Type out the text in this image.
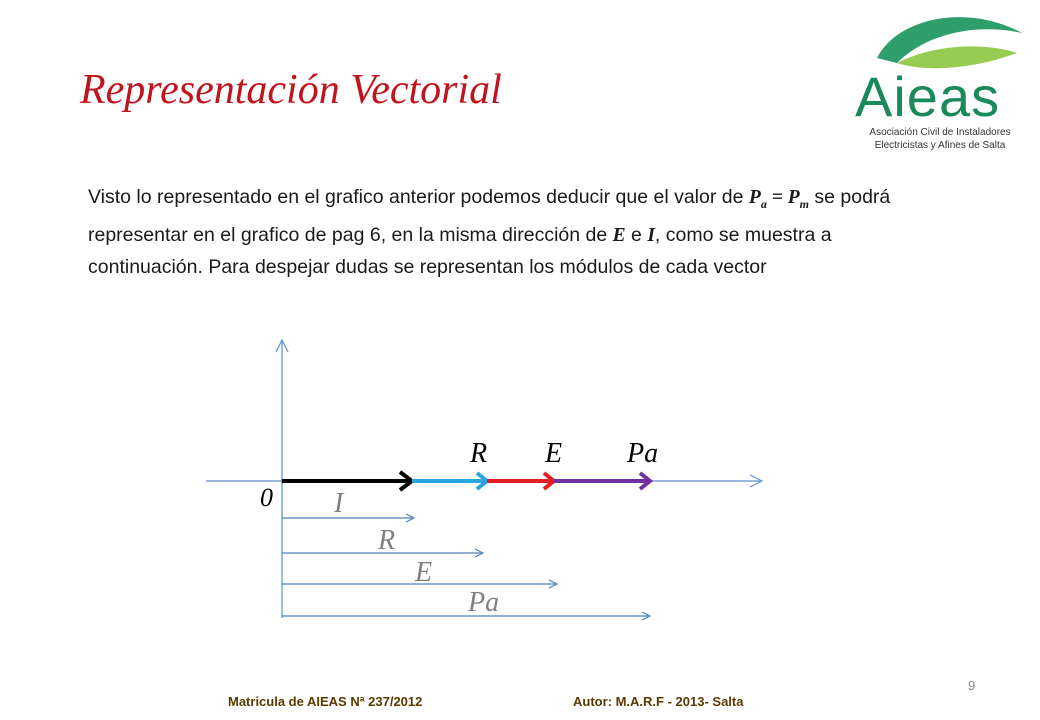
Representación Vectorial	Aieas
Asociación Civil de Instaladores
Electricistas y Afines de Salta

Visto lo representado en el grafico anterior podemos deducir que el valor de $P_a = P_m$ se podrá representar en el grafico de pag 6, en la misma dirección de E e I, como se muestra a continuación. Para despejar dudas se representan los módulos de cada vector

R E Pa
0 I
R
E
Pa
Matricula de AIEAS Nª 237/2012	Autor: M.A.R.F - 2013- Salta
9
